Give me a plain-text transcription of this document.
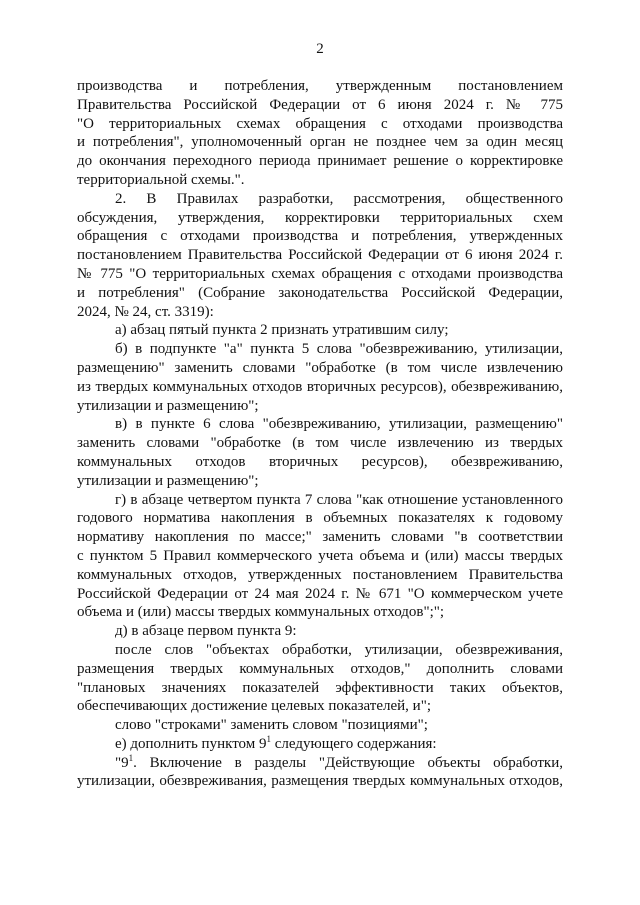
2
производства и потребления, утвержденным постановлением
Правительства Российской Федерации от 6 июня 2024 г. № 775
"О территориальных схемах обращения с отходами производства
и потребления", уполномоченный орган не позднее чем за один месяц
до окончания переходного периода принимает решение о корректировке
территориальной схемы.".
2. В Правилах разработки, рассмотрения, общественного
обсуждения, утверждения, корректировки территориальных схем
обращения с отходами производства и потребления, утвержденных
постановлением Правительства Российской Федерации от 6 июня 2024 г.
№ 775 "О территориальных схемах обращения с отходами производства
и потребления" (Собрание законодательства Российской Федерации,
2024, № 24, ст. 3319):
а) абзац пятый пункта 2 признать утратившим силу;
б) в подпункте "а" пункта 5 слова "обезвреживанию, утилизации,
размещению" заменить словами "обработке (в том числе извлечению
из твердых коммунальных отходов вторичных ресурсов), обезвреживанию,
утилизации и размещению";
в) в пункте 6 слова "обезвреживанию, утилизации, размещению"
заменить словами "обработке (в том числе извлечению из твердых
коммунальных отходов вторичных ресурсов), обезвреживанию,
утилизации и размещению";
г) в абзаце четвертом пункта 7 слова "как отношение установленного
годового норматива накопления в объемных показателях к годовому
нормативу накопления по массе;" заменить словами "в соответствии
с пунктом 5 Правил коммерческого учета объема и (или) массы твердых
коммунальных отходов, утвержденных постановлением Правительства
Российской Федерации от 24 мая 2024 г. № 671 "О коммерческом учете
объема и (или) массы твердых коммунальных отходов";";
д) в абзаце первом пункта 9:
после слов "объектах обработки, утилизации, обезвреживания,
размещения твердых коммунальных отходов," дополнить словами
"плановых значениях показателей эффективности таких объектов,
обеспечивающих достижение целевых показателей, и";
слово "строками" заменить словом "позициями";
е) дополнить пунктом $9^1$ следующего содержания:
"$9^1$. Включение в разделы "Действующие объекты обработки,
утилизации, обезвреживания, размещения твердых коммунальных отходов,
